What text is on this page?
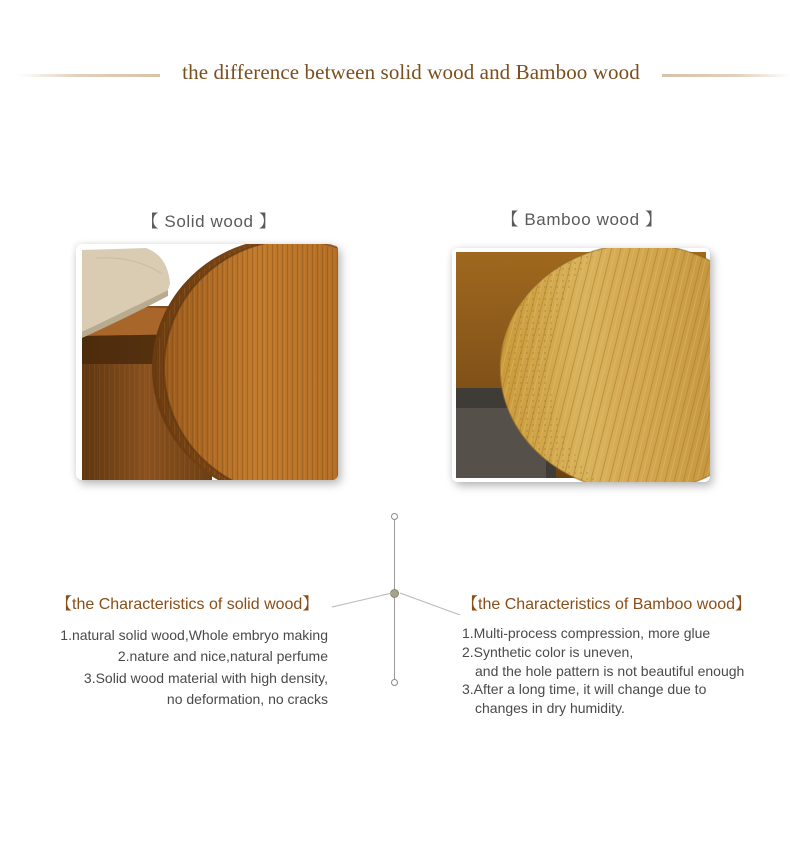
the difference between solid wood and Bamboo wood
【 Solid wood 】	【 Bamboo wood 】
【the Characteristics of solid wood】
1.natural solid wood,Whole embryo making
2.nature and nice,natural perfume
3.Solid wood material with high density,
no deformation, no cracks
【the Characteristics of Bamboo wood】
1.Multi-process compression, more glue
2.Synthetic color is uneven,
and the hole pattern is not beautiful enough
3.After a long time, it will change due to
changes in dry humidity.
